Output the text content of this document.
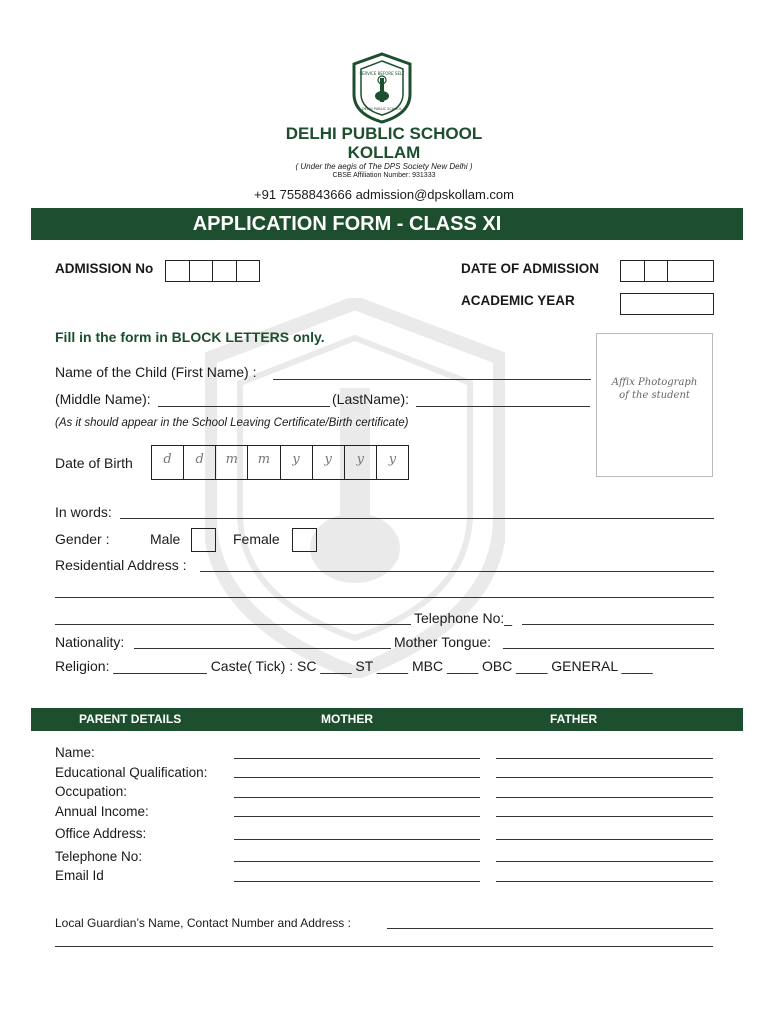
SERVICE BEFORE SELF
DELHI PUBLIC SCHOOL
DELHI PUBLIC SCHOOL
KOLLAM
( Under the aegis of The DPS Society New Delhi )
CBSE Affiliation Number: 931333
+91 7558843666 admission@dpskollam.com
APPLICATION FORM - CLASS XI
ADMISSION No	DATE OF ADMISSION
ACADEMIC YEAR
Fill in the form in BLOCK LETTERS only.
Affix Photograph of the student
Name of the Child (First Name) :
(Middle Name):	(LastName):
(As it should appear in the School Leaving Certificate/Birth certificate)
Date of Birth	d	d	m	m	y	y	y	y
In words:
Gender :	Male	Female
Residential Address :
Telephone No:_
Nationality:	Mother Tongue:
Religion: ____________ Caste( Tick) : SC ____ ST ____ MBC ____ OBC ____ GENERAL ____
PARENT DETAILS	MOTHER	FATHER
Name:
Educational Qualification:
Occupation:
Annual Income:
Office Address:
Telephone No:
Email Id
Local Guardian’s Name, Contact Number and Address :
